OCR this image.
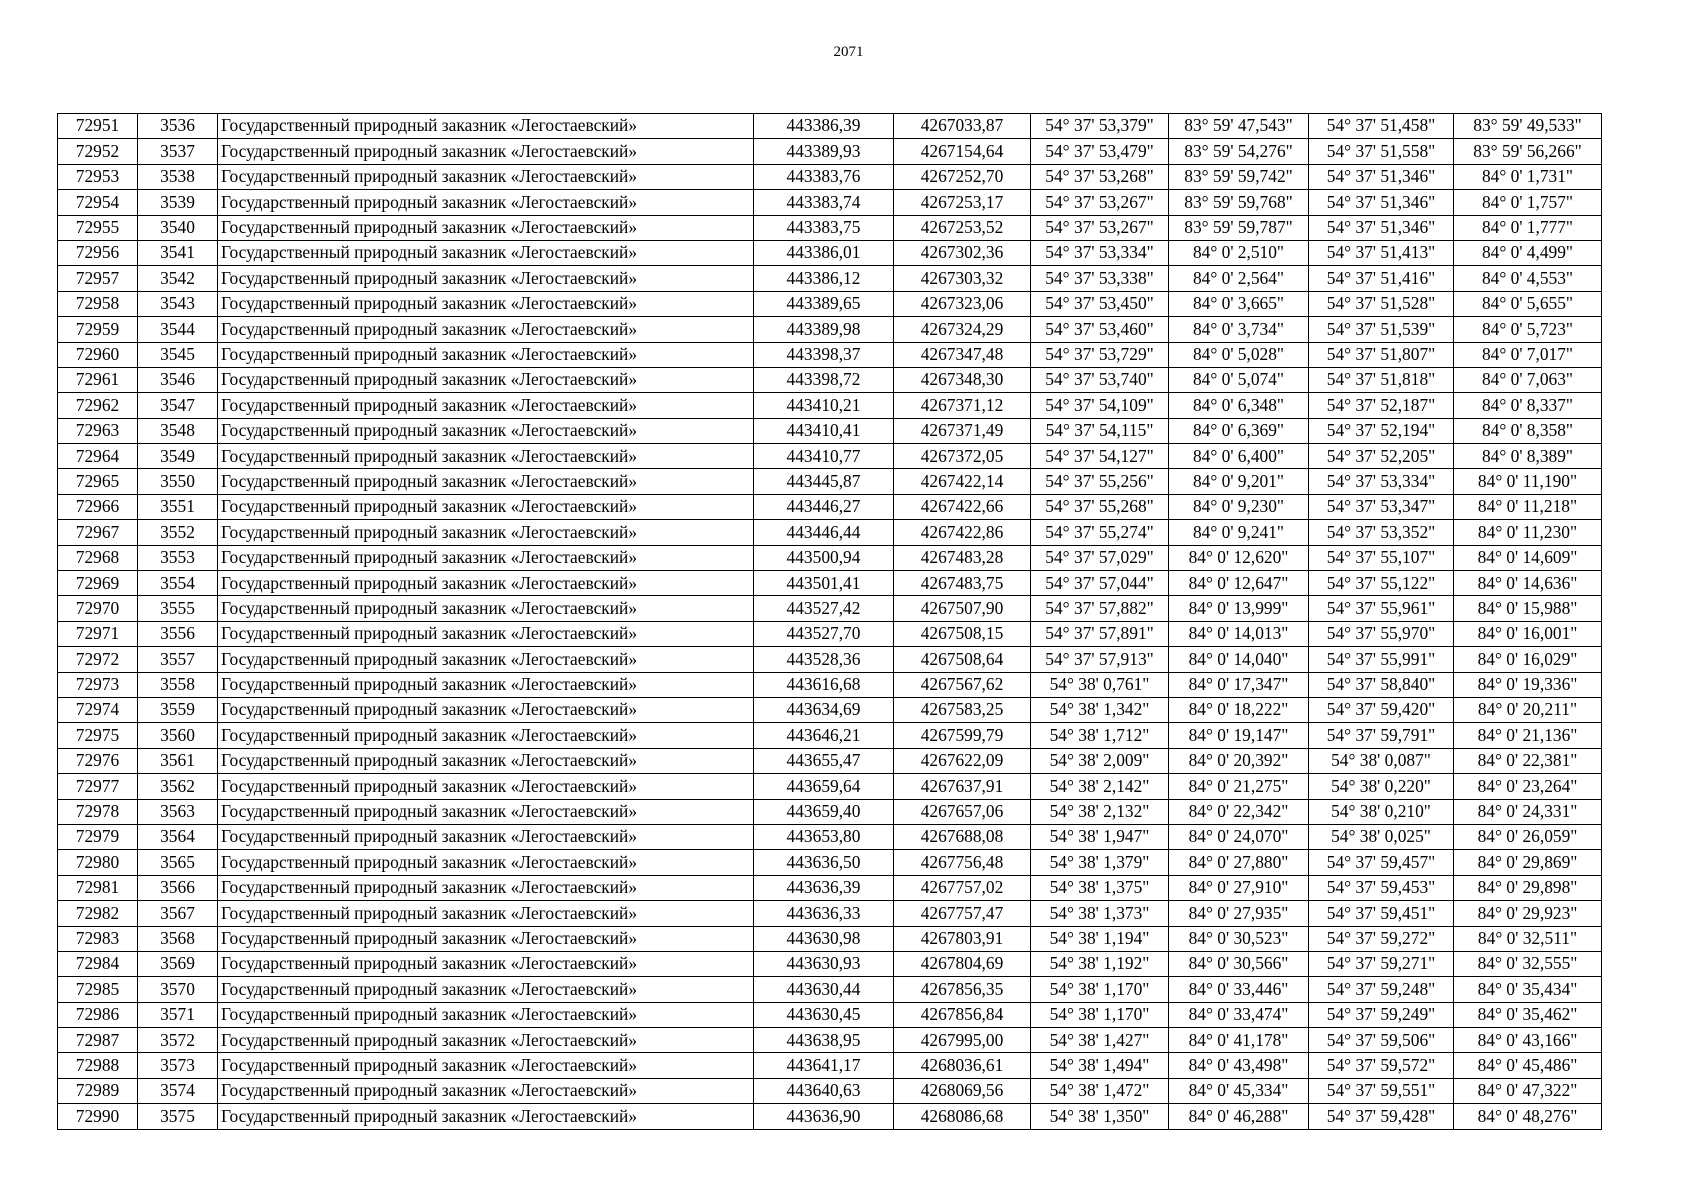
2071
72951	3536	Государственный природный заказник «Легостаевский»	443386,39	4267033,87	54° 37' 53,379"	83° 59' 47,543"	54° 37' 51,458"	83° 59' 49,533"
72952	3537	Государственный природный заказник «Легостаевский»	443389,93	4267154,64	54° 37' 53,479"	83° 59' 54,276"	54° 37' 51,558"	83° 59' 56,266"
72953	3538	Государственный природный заказник «Легостаевский»	443383,76	4267252,70	54° 37' 53,268"	83° 59' 59,742"	54° 37' 51,346"	84° 0' 1,731"
72954	3539	Государственный природный заказник «Легостаевский»	443383,74	4267253,17	54° 37' 53,267"	83° 59' 59,768"	54° 37' 51,346"	84° 0' 1,757"
72955	3540	Государственный природный заказник «Легостаевский»	443383,75	4267253,52	54° 37' 53,267"	83° 59' 59,787"	54° 37' 51,346"	84° 0' 1,777"
72956	3541	Государственный природный заказник «Легостаевский»	443386,01	4267302,36	54° 37' 53,334"	84° 0' 2,510"	54° 37' 51,413"	84° 0' 4,499"
72957	3542	Государственный природный заказник «Легостаевский»	443386,12	4267303,32	54° 37' 53,338"	84° 0' 2,564"	54° 37' 51,416"	84° 0' 4,553"
72958	3543	Государственный природный заказник «Легостаевский»	443389,65	4267323,06	54° 37' 53,450"	84° 0' 3,665"	54° 37' 51,528"	84° 0' 5,655"
72959	3544	Государственный природный заказник «Легостаевский»	443389,98	4267324,29	54° 37' 53,460"	84° 0' 3,734"	54° 37' 51,539"	84° 0' 5,723"
72960	3545	Государственный природный заказник «Легостаевский»	443398,37	4267347,48	54° 37' 53,729"	84° 0' 5,028"	54° 37' 51,807"	84° 0' 7,017"
72961	3546	Государственный природный заказник «Легостаевский»	443398,72	4267348,30	54° 37' 53,740"	84° 0' 5,074"	54° 37' 51,818"	84° 0' 7,063"
72962	3547	Государственный природный заказник «Легостаевский»	443410,21	4267371,12	54° 37' 54,109"	84° 0' 6,348"	54° 37' 52,187"	84° 0' 8,337"
72963	3548	Государственный природный заказник «Легостаевский»	443410,41	4267371,49	54° 37' 54,115"	84° 0' 6,369"	54° 37' 52,194"	84° 0' 8,358"
72964	3549	Государственный природный заказник «Легостаевский»	443410,77	4267372,05	54° 37' 54,127"	84° 0' 6,400"	54° 37' 52,205"	84° 0' 8,389"
72965	3550	Государственный природный заказник «Легостаевский»	443445,87	4267422,14	54° 37' 55,256"	84° 0' 9,201"	54° 37' 53,334"	84° 0' 11,190"
72966	3551	Государственный природный заказник «Легостаевский»	443446,27	4267422,66	54° 37' 55,268"	84° 0' 9,230"	54° 37' 53,347"	84° 0' 11,218"
72967	3552	Государственный природный заказник «Легостаевский»	443446,44	4267422,86	54° 37' 55,274"	84° 0' 9,241"	54° 37' 53,352"	84° 0' 11,230"
72968	3553	Государственный природный заказник «Легостаевский»	443500,94	4267483,28	54° 37' 57,029"	84° 0' 12,620"	54° 37' 55,107"	84° 0' 14,609"
72969	3554	Государственный природный заказник «Легостаевский»	443501,41	4267483,75	54° 37' 57,044"	84° 0' 12,647"	54° 37' 55,122"	84° 0' 14,636"
72970	3555	Государственный природный заказник «Легостаевский»	443527,42	4267507,90	54° 37' 57,882"	84° 0' 13,999"	54° 37' 55,961"	84° 0' 15,988"
72971	3556	Государственный природный заказник «Легостаевский»	443527,70	4267508,15	54° 37' 57,891"	84° 0' 14,013"	54° 37' 55,970"	84° 0' 16,001"
72972	3557	Государственный природный заказник «Легостаевский»	443528,36	4267508,64	54° 37' 57,913"	84° 0' 14,040"	54° 37' 55,991"	84° 0' 16,029"
72973	3558	Государственный природный заказник «Легостаевский»	443616,68	4267567,62	54° 38' 0,761"	84° 0' 17,347"	54° 37' 58,840"	84° 0' 19,336"
72974	3559	Государственный природный заказник «Легостаевский»	443634,69	4267583,25	54° 38' 1,342"	84° 0' 18,222"	54° 37' 59,420"	84° 0' 20,211"
72975	3560	Государственный природный заказник «Легостаевский»	443646,21	4267599,79	54° 38' 1,712"	84° 0' 19,147"	54° 37' 59,791"	84° 0' 21,136"
72976	3561	Государственный природный заказник «Легостаевский»	443655,47	4267622,09	54° 38' 2,009"	84° 0' 20,392"	54° 38' 0,087"	84° 0' 22,381"
72977	3562	Государственный природный заказник «Легостаевский»	443659,64	4267637,91	54° 38' 2,142"	84° 0' 21,275"	54° 38' 0,220"	84° 0' 23,264"
72978	3563	Государственный природный заказник «Легостаевский»	443659,40	4267657,06	54° 38' 2,132"	84° 0' 22,342"	54° 38' 0,210"	84° 0' 24,331"
72979	3564	Государственный природный заказник «Легостаевский»	443653,80	4267688,08	54° 38' 1,947"	84° 0' 24,070"	54° 38' 0,025"	84° 0' 26,059"
72980	3565	Государственный природный заказник «Легостаевский»	443636,50	4267756,48	54° 38' 1,379"	84° 0' 27,880"	54° 37' 59,457"	84° 0' 29,869"
72981	3566	Государственный природный заказник «Легостаевский»	443636,39	4267757,02	54° 38' 1,375"	84° 0' 27,910"	54° 37' 59,453"	84° 0' 29,898"
72982	3567	Государственный природный заказник «Легостаевский»	443636,33	4267757,47	54° 38' 1,373"	84° 0' 27,935"	54° 37' 59,451"	84° 0' 29,923"
72983	3568	Государственный природный заказник «Легостаевский»	443630,98	4267803,91	54° 38' 1,194"	84° 0' 30,523"	54° 37' 59,272"	84° 0' 32,511"
72984	3569	Государственный природный заказник «Легостаевский»	443630,93	4267804,69	54° 38' 1,192"	84° 0' 30,566"	54° 37' 59,271"	84° 0' 32,555"
72985	3570	Государственный природный заказник «Легостаевский»	443630,44	4267856,35	54° 38' 1,170"	84° 0' 33,446"	54° 37' 59,248"	84° 0' 35,434"
72986	3571	Государственный природный заказник «Легостаевский»	443630,45	4267856,84	54° 38' 1,170"	84° 0' 33,474"	54° 37' 59,249"	84° 0' 35,462"
72987	3572	Государственный природный заказник «Легостаевский»	443638,95	4267995,00	54° 38' 1,427"	84° 0' 41,178"	54° 37' 59,506"	84° 0' 43,166"
72988	3573	Государственный природный заказник «Легостаевский»	443641,17	4268036,61	54° 38' 1,494"	84° 0' 43,498"	54° 37' 59,572"	84° 0' 45,486"
72989	3574	Государственный природный заказник «Легостаевский»	443640,63	4268069,56	54° 38' 1,472"	84° 0' 45,334"	54° 37' 59,551"	84° 0' 47,322"
72990	3575	Государственный природный заказник «Легостаевский»	443636,90	4268086,68	54° 38' 1,350"	84° 0' 46,288"	54° 37' 59,428"	84° 0' 48,276"
